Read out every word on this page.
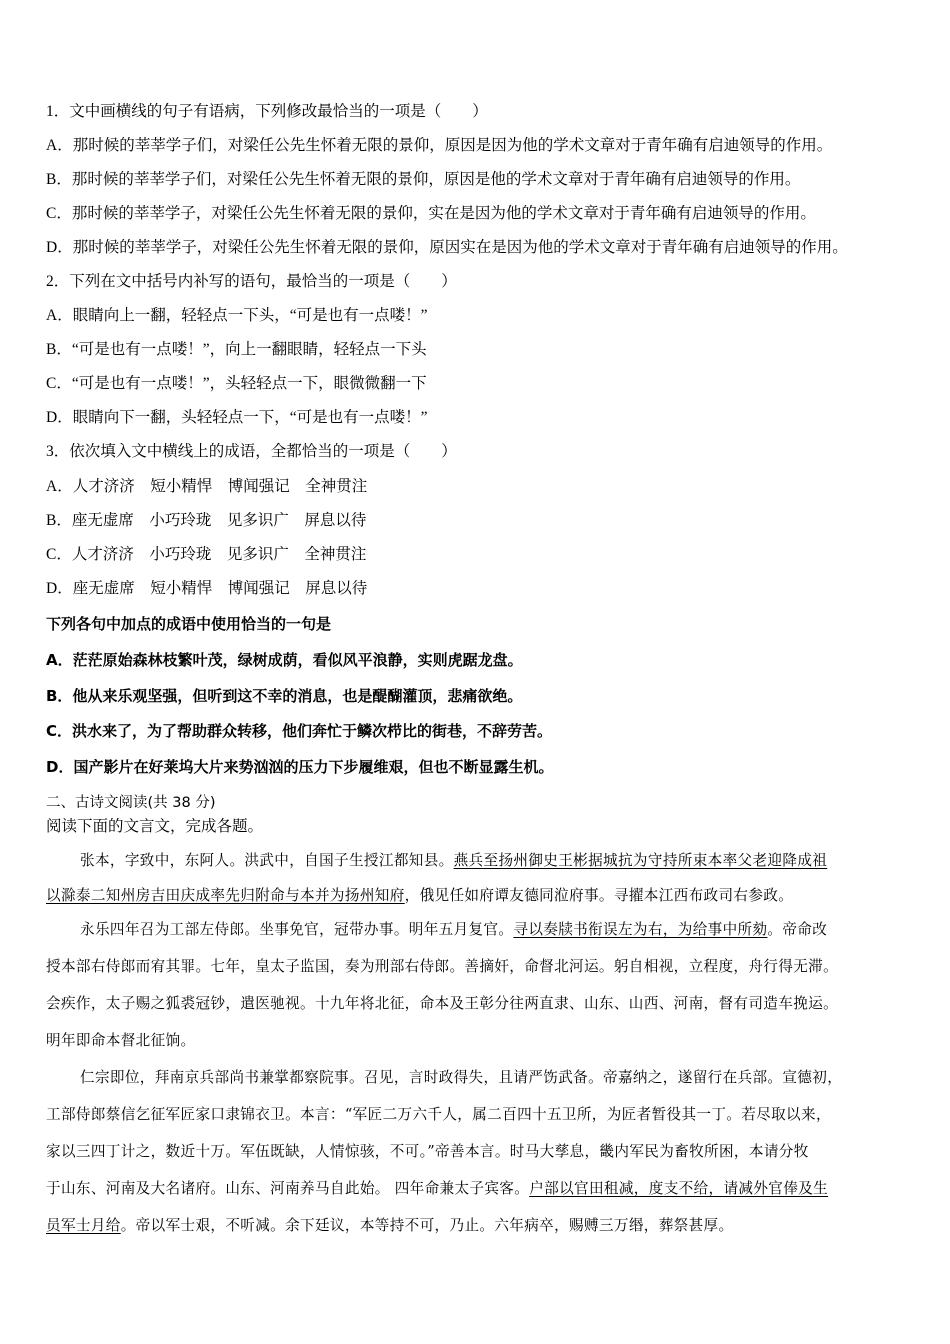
1．文中画横线的句子有语病，下列修改最恰当的一项是（　　）
A．那时候的莘莘学子们，对梁任公先生怀着无限的景仰，原因是因为他的学术文章对于青年确有启迪领导的作用。
B．那时候的莘莘学子们，对梁任公先生怀着无限的景仰，原因是他的学术文章对于青年确有启迪领导的作用。
C．那时候的莘莘学子，对梁任公先生怀着无限的景仰，实在是因为他的学术文章对于青年确有启迪领导的作用。
D．那时候的莘莘学子，对梁任公先生怀着无限的景仰，原因实在是因为他的学术文章对于青年确有启迪领导的作用。
2．下列在文中括号内补写的语句，最恰当的一项是（　　）
A．眼睛向上一翻，轻轻点一下头，“可是也有一点喽！”
B．“可是也有一点喽！”，向上一翻眼睛，轻轻点一下头
C．“可是也有一点喽！”，头轻轻点一下，眼微微翻一下
D．眼睛向下一翻，头轻轻点一下，“可是也有一点喽！”
3．依次填入文中横线上的成语，全都恰当的一项是（　　）
A．人才济济　短小精悍　博闻强记　全神贯注
B．座无虚席　小巧玲珑　见多识广　屏息以待
C．人才济济　小巧玲珑　见多识广　全神贯注
D．座无虚席　短小精悍　博闻强记　屏息以待
下列各句中加点的成语中使用恰当的一句是
A．茫茫原始森林枝繁叶茂，绿树成荫，看似风平浪静，实则虎踞龙盘。
B．他从来乐观坚强，但听到这不幸的消息，也是醍醐灌顶，悲痛欲绝。
C．洪水来了，为了帮助群众转移，他们奔忙于鳞次栉比的街巷，不辞劳苦。
D．国产影片在好莱坞大片来势汹汹的压力下步履维艰，但也不断显露生机。
二、古诗文阅读(共 38 分)
阅读下面的文言文，完成各题。
张本，字致中，东阿人。洪武中，自国子生授江都知县。燕兵至扬州御史王彬据城抗为守持所束本率父老迎降成祖
以滁泰二知州房吉田庆成率先归附命与本并为扬州知府，俄见任如府谭友德同涖府事。寻擢本江西布政司右参政。
永乐四年召为工部左侍郎。坐事免官，冠带办事。明年五月复官。寻以奏牍书衔误左为右，为给事中所劾。帝命改
授本部右侍郎而宥其罪。七年，皇太子监国，奏为刑部右侍郎。善摘奸，命督北河运。躬自相视，立程度，舟行得无滞。
会疾作，太子赐之狐裘冠钞，遣医驰视。十九年将北征，命本及王彰分往两直隶、山东、山西、河南，督有司造车挽运。
明年即命本督北征饷。
仁宗即位，拜南京兵部尚书兼掌都察院事。召见，言时政得失，且请严饬武备。帝嘉纳之，遂留行在兵部。宣德初，
工部侍郎蔡信乞征军匠家口隶锦衣卫。本言：“军匠二万六千人，属二百四十五卫所，为匠者暂役其一丁。若尽取以来，
家以三四丁计之，数近十万。军伍既缺，人情惊骇，不可。”帝善本言。时马大孳息，畿内军民为畜牧所困，本请分牧
于山东、河南及大名诸府。山东、河南养马自此始。 四年命兼太子宾客。户部以官田租减，度支不给，请减外官俸及生
员军士月给。帝以军士艰，不听减。余下廷议，本等持不可，乃止。六年病卒，赐赙三万缗，葬祭甚厚。
